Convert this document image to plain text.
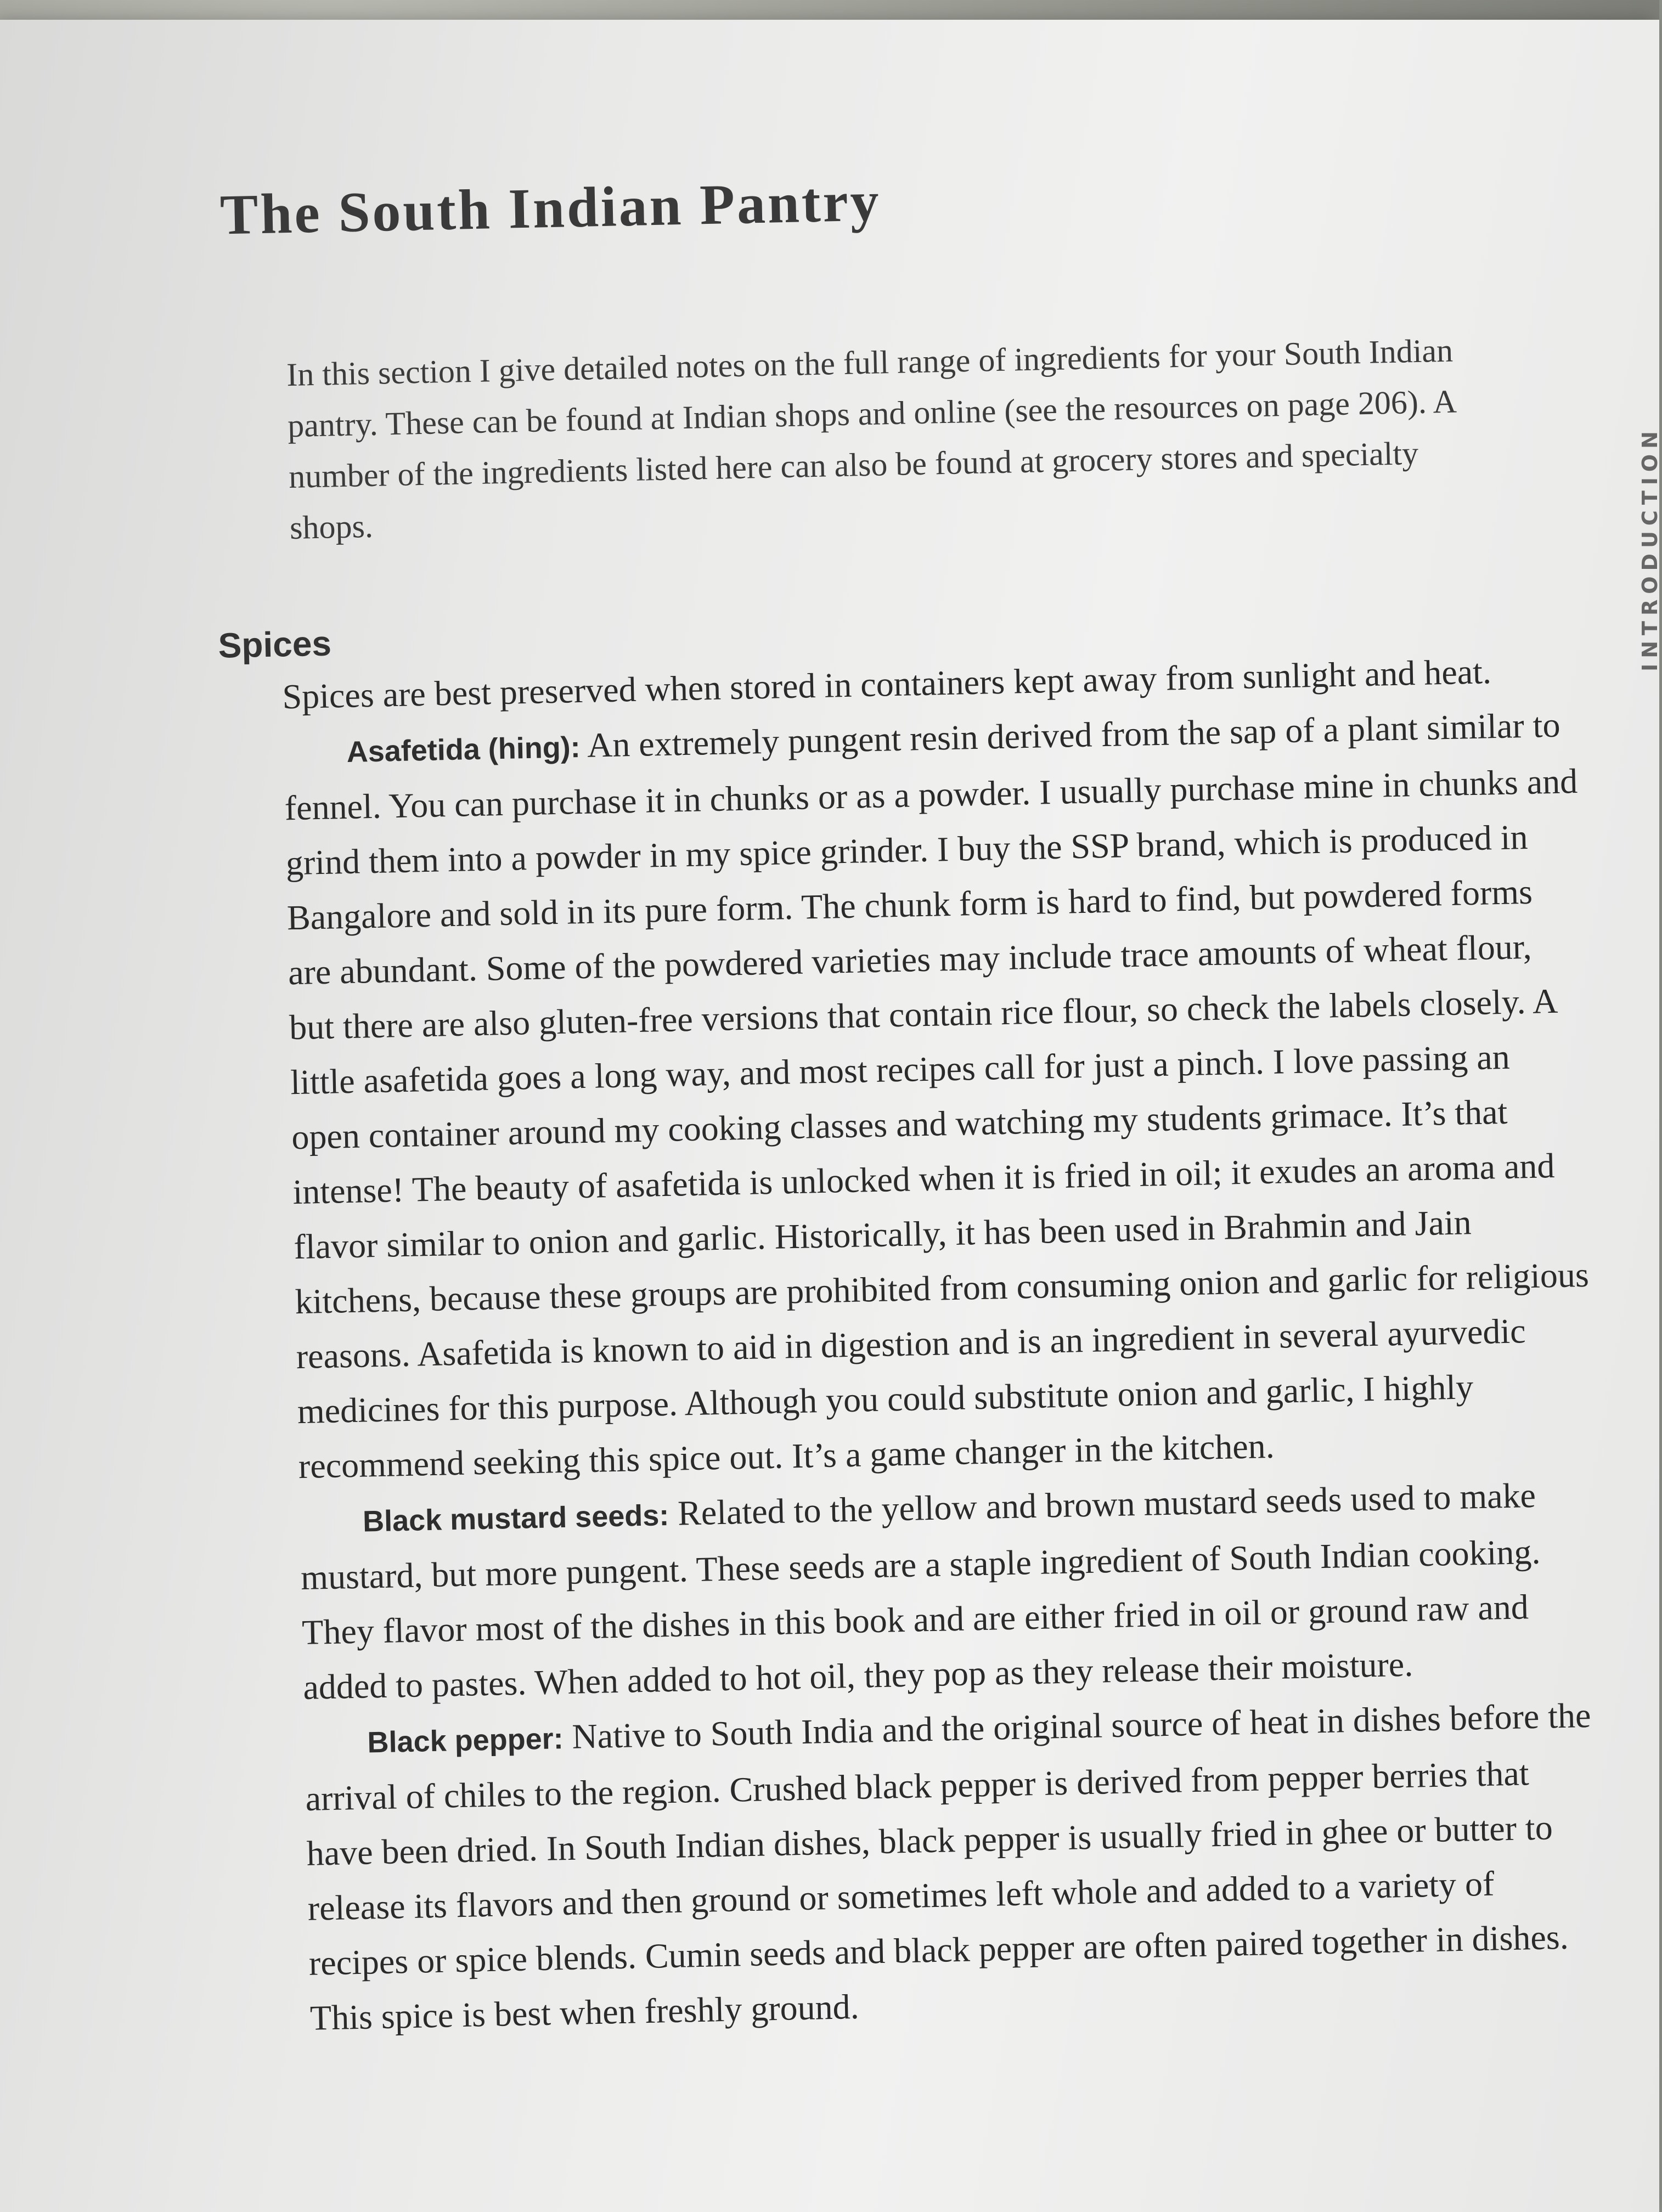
The South Indian Pantry

In this section I give detailed notes on the full range of ingredients for your South Indian pantry. These can be found at Indian shops and online (see the resources on page 206). A number of the ingredients listed here can also be found at grocery stores and specialty shops.

Spices

Spices are best preserved when stored in containers kept away from sunlight and heat.

Asafetida (hing): An extremely pungent resin derived from the sap of a plant similar to fennel. You can purchase it in chunks or as a powder. I usually purchase mine in chunks and grind them into a powder in my spice grinder. I buy the SSP brand, which is produced in Bangalore and sold in its pure form. The chunk form is hard to find, but powdered forms are abundant. Some of the powdered varieties may include trace amounts of wheat flour, but there are also gluten-free versions that contain rice flour, so check the labels closely. A little asafetida goes a long way, and most recipes call for just a pinch. I love passing an open container around my cooking classes and watching my students grimace. It’s that intense! The beauty of asafetida is unlocked when it is fried in oil; it exudes an aroma and flavor similar to onion and garlic. Historically, it has been used in Brahmin and Jain kitchens, because these groups are prohibited from consuming onion and garlic for religious reasons. Asafetida is known to aid in digestion and is an ingredient in several ayurvedic medicines for this purpose. Although you could substitute onion and garlic, I highly recommend seeking this spice out. It’s a game changer in the kitchen.

Black mustard seeds: Related to the yellow and brown mustard seeds used to make mustard, but more pungent. These seeds are a staple ingredient of South Indian cooking. They flavor most of the dishes in this book and are either fried in oil or ground raw and added to pastes. When added to hot oil, they pop as they release their moisture.

Black pepper: Native to South India and the original source of heat in dishes before the arrival of chiles to the region. Crushed black pepper is derived from pepper berries that have been dried. In South Indian dishes, black pepper is usually fried in ghee or butter to release its flavors and then ground or sometimes left whole and added to a variety of recipes or spice blends. Cumin seeds and black pepper are often paired together in dishes. This spice is best when freshly ground.

INTRODUCTION
